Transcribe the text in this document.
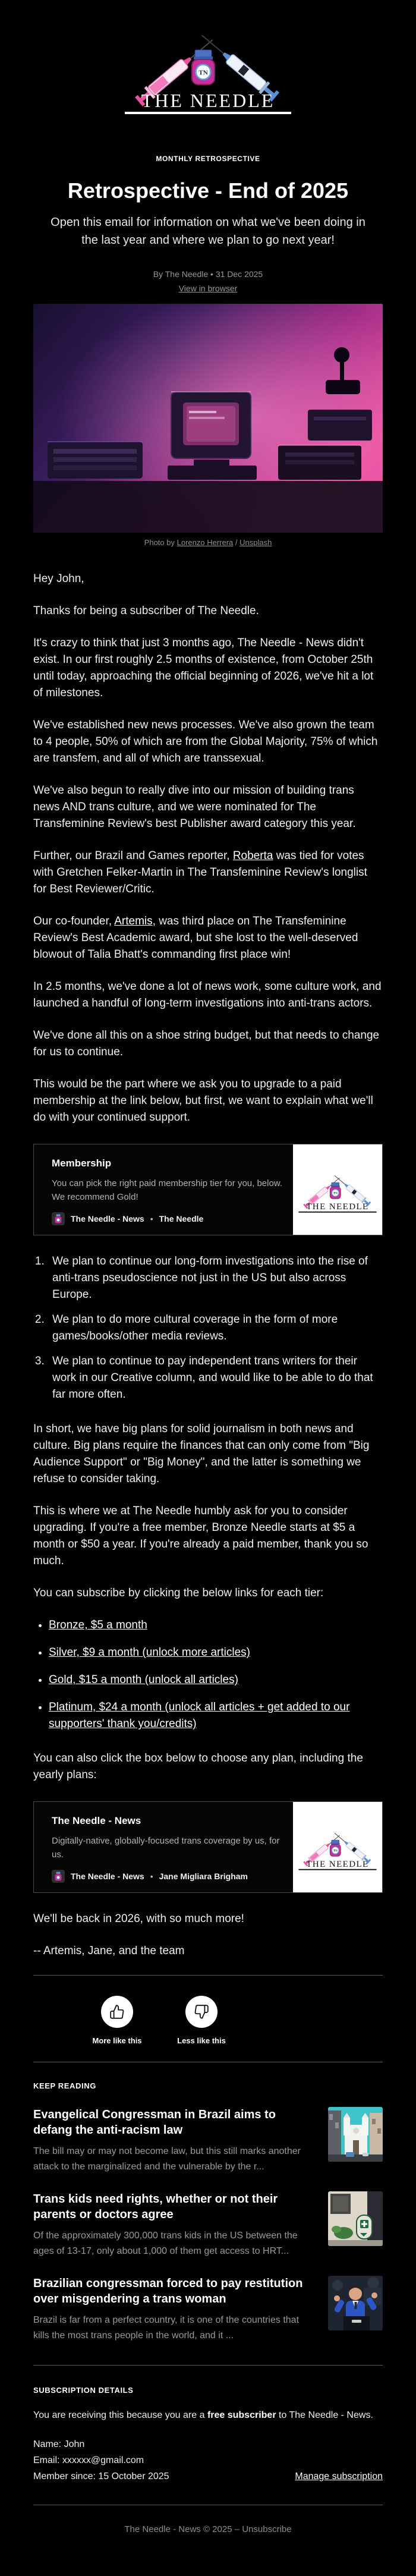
TN
THE NEEDLE
MONTHLY RETROSPECTIVE
Retrospective - End of 2025
Open this email for information on what we've been doing in the last year and where we plan to go next year!
By The Needle • 31 Dec 2025
View in browser
Photo by Lorenzo Herrera / Unsplash

Hey John,

Thanks for being a subscriber of The Needle.

It's crazy to think that just 3 months ago, The Needle - News didn't exist. In our first roughly 2.5 months of existence, from October 25th until today, approaching the official beginning of 2026, we've hit a lot of milestones.

We've established new news processes. We've also grown the team to 4 people, 50% of which are from the Global Majority, 75% of which are transfem, and all of which are transsexual.

We've also begun to really dive into our mission of building trans news AND trans culture, and we were nominated for The Transfeminine Review's best Publisher award category this year.

Further, our Brazil and Games reporter, Roberta was tied for votes with Gretchen Felker-Martin in The Transfeminine Review's longlist for Best Reviewer/Critic.

Our co-founder, Artemis, was third place on The Transfeminine Review's Best Academic award, but she lost to the well-deserved blowout of Talia Bhatt's commanding first place win!

In 2.5 months, we've done a lot of news work, some culture work, and launched a handful of long-term investigations into anti-trans actors.

We've done all this on a shoe string budget, but that needs to change for us to continue.

This would be the part where we ask you to upgrade to a paid membership at the link below, but first, we want to explain what we'll do with your continued support.

Membership
You can pick the right paid membership tier for you, below. We recommend Gold!
The Needle - News • The Needle
TN
THE NEEDLE
1. We plan to continue our long-form investigations into the rise of anti-trans pseudoscience not just in the US but also across Europe.
2. We plan to do more cultural coverage in the form of more games/books/other media reviews.
3. We plan to continue to pay independent trans writers for their work in our Creative column, and would like to be able to do that far more often.

In short, we have big plans for solid journalism in both news and culture. Big plans require the finances that can only come from "Big Audience Support" or "Big Money", and the latter is something we refuse to consider taking.

This is where we at The Needle humbly ask for you to consider upgrading. If you're a free member, Bronze Needle starts at $5 a month or $50 a year. If you're already a paid member, thank you so much.

You can subscribe by clicking the below links for each tier:

• Bronze, $5 a month
• Silver, $9 a month (unlock more articles)
• Gold, $15 a month (unlock all articles)
• Platinum, $24 a month (unlock all articles + get added to our supporters' thank you/credits)

You can also click the box below to choose any plan, including the yearly plans:

The Needle - News
Digitally-native, globally-focused trans coverage by us, for us.
The Needle - News • Jane Migliara Brigham
TN
THE NEEDLE

We'll be back in 2026, with so much more!

-- Artemis, Jane, and the team

More like this	Less like this
KEEP READING
Evangelical Congressman in Brazil aims to defang the anti-racism law
The bill may or may not become law, but this still marks another attack to the marginalized and the vulnerable by the r...
Trans kids need rights, whether or not their parents or doctors agree
Of the approximately 300,000 trans kids in the US between the ages of 13-17, only about 1,000 of them get access to HRT...
Brazilian congressman forced to pay restitution over misgendering a trans woman
Brazil is far from a perfect country, it is one of the countries that kills the most trans people in the world, and it ...
SUBSCRIPTION DETAILS
You are receiving this because you are a free subscriber to The Needle - News.
Name: John
Email: xxxxxx@gmail.com
Member since: 15 October 2025	Manage subscription
The Needle - News © 2025 – Unsubscribe
